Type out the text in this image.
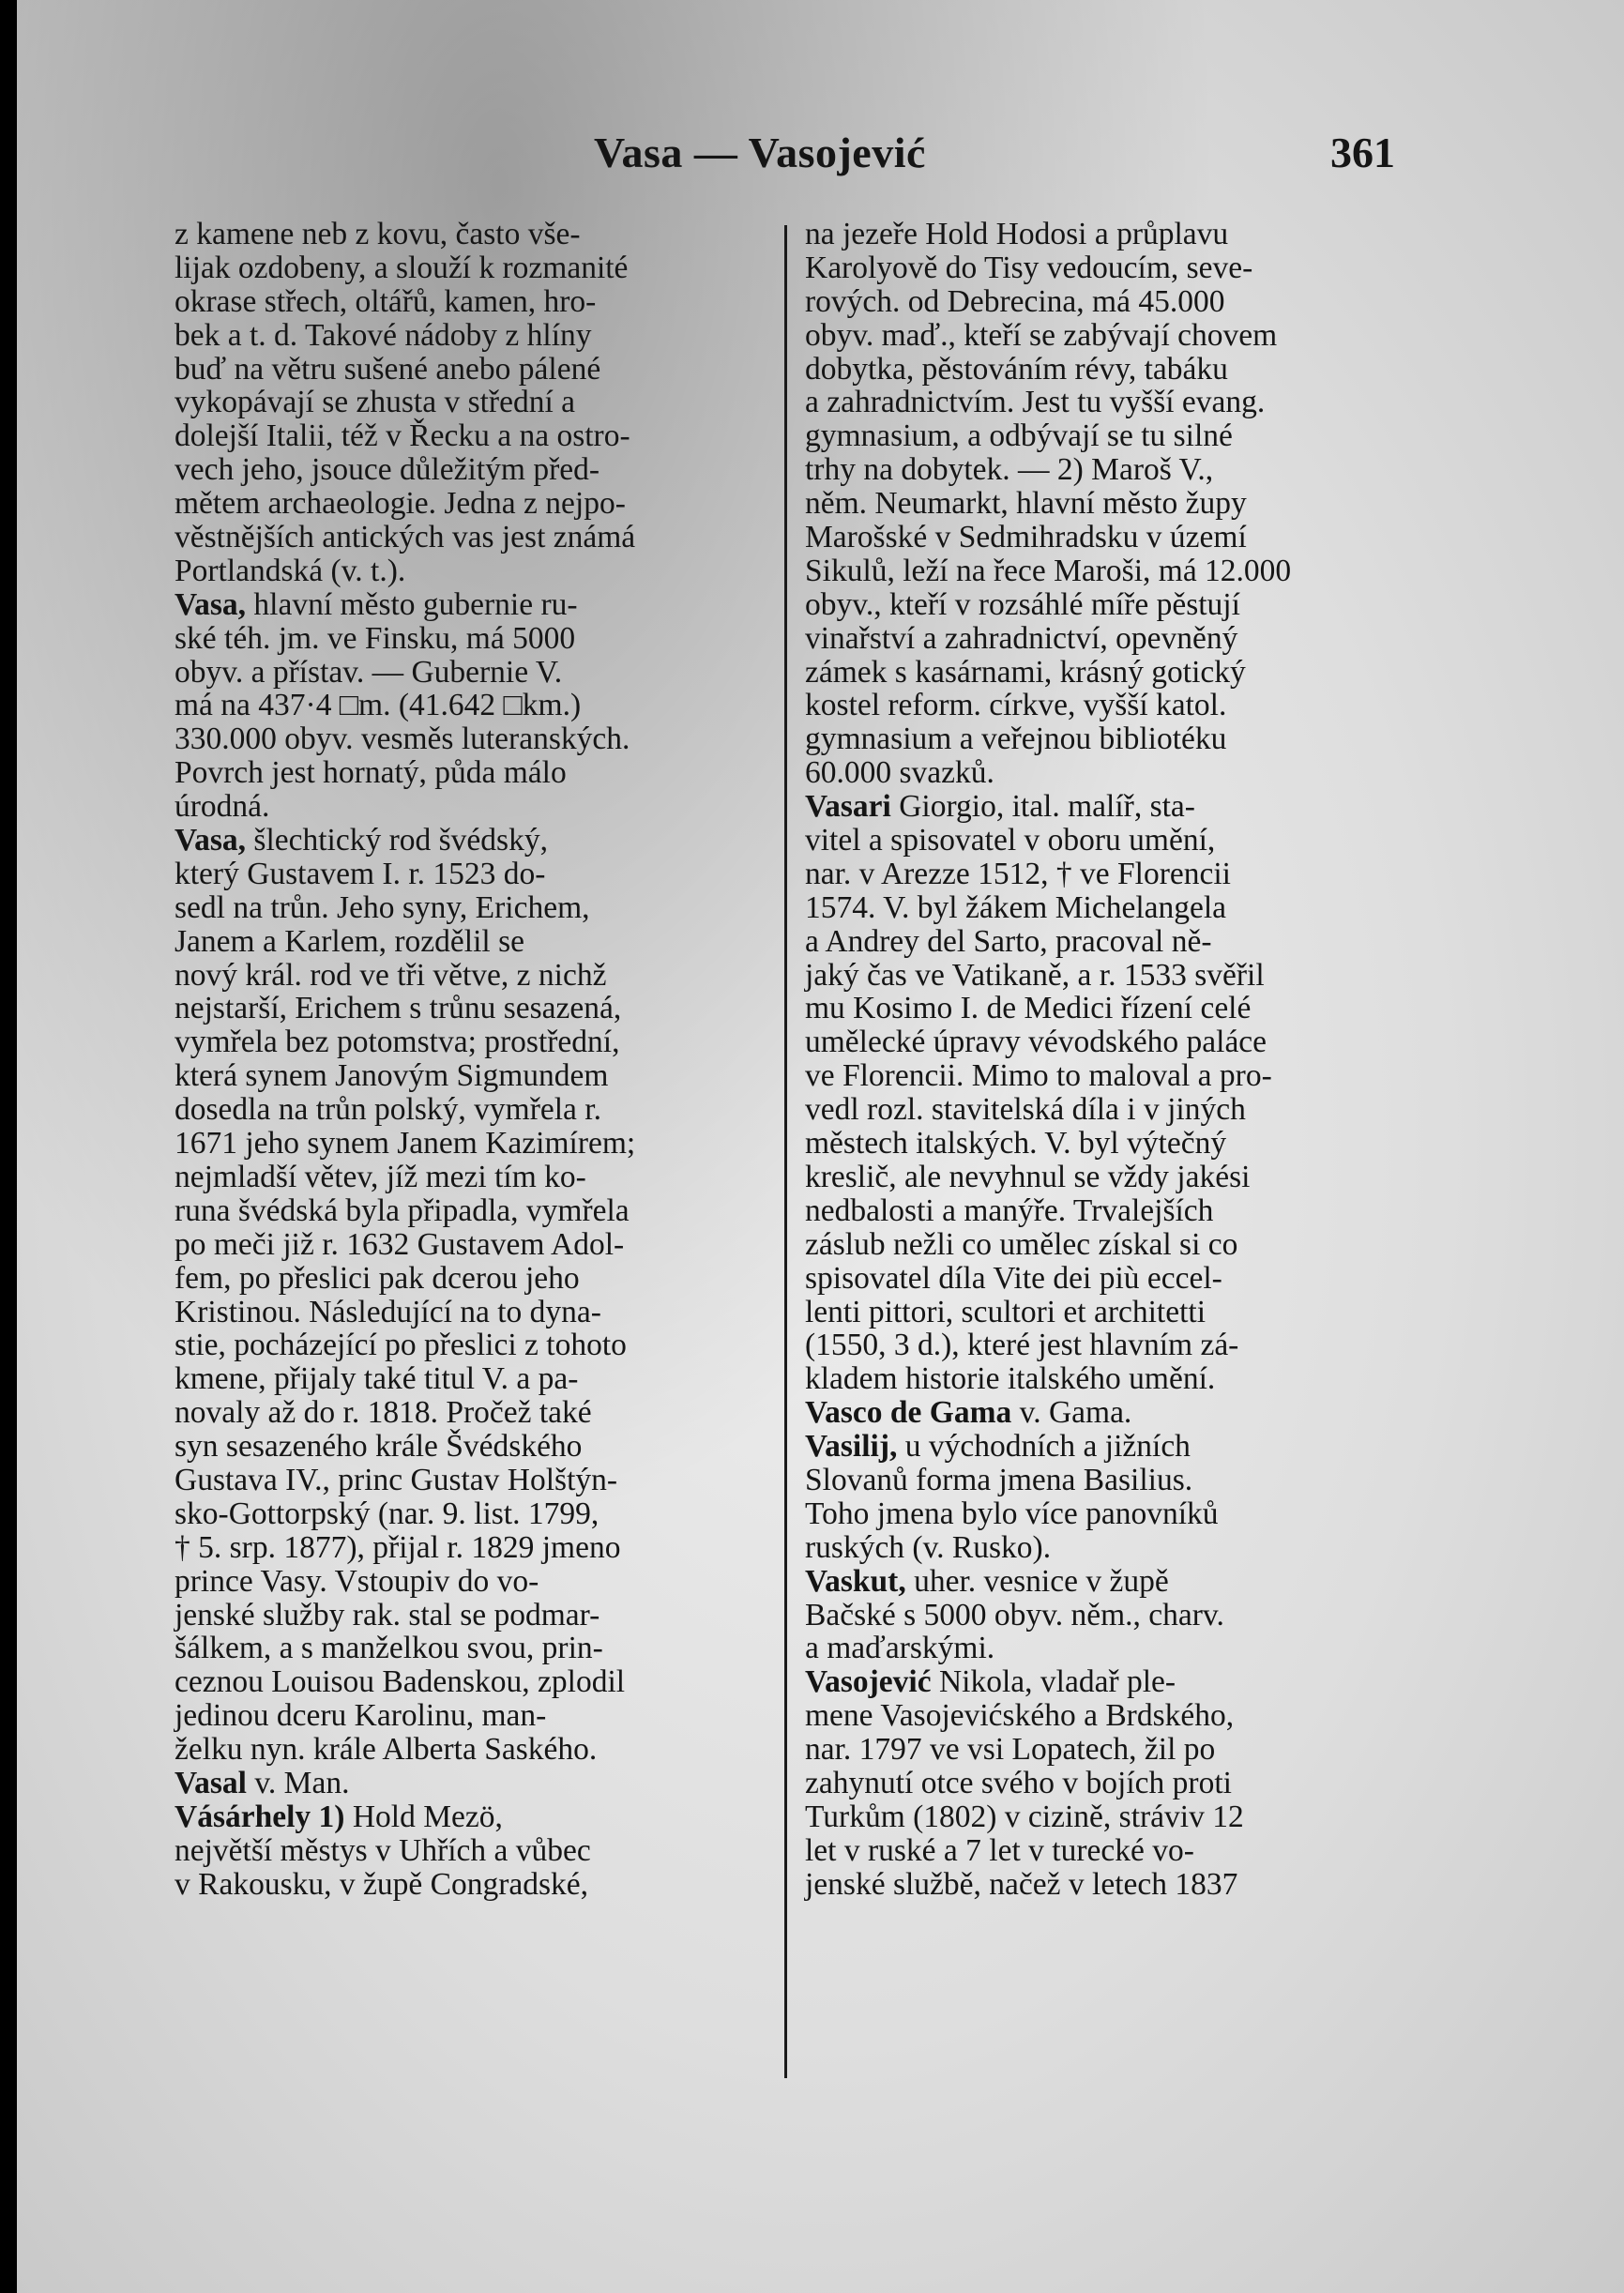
Vasa — Vasojević	361
z kamene neb z kovu, často vše-
lijak ozdobeny, a slouží k rozmanité
okrase střech, oltářů, kamen, hro-
bek a t. d. Takové nádoby z hlíny
buď na větru sušené anebo pálené
vykopávají se zhusta v střední a
dolejší Italii, též v Řecku a na ostro-
vech jeho, jsouce důležitým před-
mětem archaeologie. Jedna z nejpo-
věstnějších antických vas jest známá
Portlandská (v. t.).
Vasa, hlavní město gubernie ru-
ské téh. jm. ve Finsku, má 5000
obyv. a přístav. — Gubernie V.
má na 437·4 □m. (41.642 □km.)
330.000 obyv. vesměs luteranských.
Povrch jest hornatý, půda málo
úrodná.
Vasa, šlechtický rod švédský,
který Gustavem I. r. 1523 do-
sedl na trůn. Jeho syny, Erichem,
Janem a Karlem, rozdělil se
nový král. rod ve tři větve, z nichž
nejstarší, Erichem s trůnu sesazená,
vymřela bez potomstva; prostřední,
která synem Janovým Sigmundem
dosedla na trůn polský, vymřela r.
1671 jeho synem Janem Kazimírem;
nejmladší větev, jíž mezi tím ko-
runa švédská byla připadla, vymřela
po meči již r. 1632 Gustavem Adol-
fem, po přeslici pak dcerou jeho
Kristinou. Následující na to dyna-
stie, pocházející po přeslici z tohoto
kmene, přijaly také titul V. a pa-
novaly až do r. 1818. Pročež také
syn sesazeného krále Švédského
Gustava IV., princ Gustav Holštýn-
sko-Gottorpský (nar. 9. list. 1799,
† 5. srp. 1877), přijal r. 1829 jmeno
prince Vasy. Vstoupiv do vo-
jenské služby rak. stal se podmar-
šálkem, a s manželkou svou, prin-
ceznou Louisou Badenskou, zplodil
jedinou dceru Karolinu, man-
želku nyn. krále Alberta Saského.
Vasal v. Man.
Vásárhely 1) Hold Mezö,
největší městys v Uhřích a vůbec
v Rakousku, v župě Congradské,
na jezeře Hold Hodosi a průplavu
Karolyově do Tisy vedoucím, seve-
rových. od Debrecina, má 45.000
obyv. maď., kteří se zabývají chovem
dobytka, pěstováním révy, tabáku
a zahradnictvím. Jest tu vyšší evang.
gymnasium, a odbývají se tu silné
trhy na dobytek. — 2) Maroš V.,
něm. Neumarkt, hlavní město župy
Marošské v Sedmihradsku v území
Sikulů, leží na řece Maroši, má 12.000
obyv., kteří v rozsáhlé míře pěstují
vinařství a zahradnictví, opevněný
zámek s kasárnami, krásný gotický
kostel reform. církve, vyšší katol.
gymnasium a veřejnou bibliotéku
60.000 svazků.
Vasari Giorgio, ital. malíř, sta-
vitel a spisovatel v oboru umění,
nar. v Arezze 1512, † ve Florencii
1574. V. byl žákem Michelangela
a Andrey del Sarto, pracoval ně-
jaký čas ve Vatikaně, a r. 1533 svěřil
mu Kosimo I. de Medici řízení celé
umělecké úpravy vévodského paláce
ve Florencii. Mimo to maloval a pro-
vedl rozl. stavitelská díla i v jiných
městech italských. V. byl výtečný
kreslič, ale nevyhnul se vždy jakési
nedbalosti a manýře. Trvalejších
záslub nežli co umělec získal si co
spisovatel díla Vite dei più eccel-
lenti pittori, scultori et architetti
(1550, 3 d.), které jest hlavním zá-
kladem historie italského umění.
Vasco de Gama v. Gama.
Vasilij, u východních a jižních
Slovanů forma jmena Basilius.
Toho jmena bylo více panovníků
ruských (v. Rusko).
Vaskut, uher. vesnice v župě
Bačské s 5000 obyv. něm., charv.
a maďarskými.
Vasojević Nikola, vladař ple-
mene Vasojevićského a Brdského,
nar. 1797 ve vsi Lopatech, žil po
zahynutí otce svého v bojích proti
Turkům (1802) v cizině, stráviv 12
let v ruské a 7 let v turecké vo-
jenské službě, načež v letech 1837
